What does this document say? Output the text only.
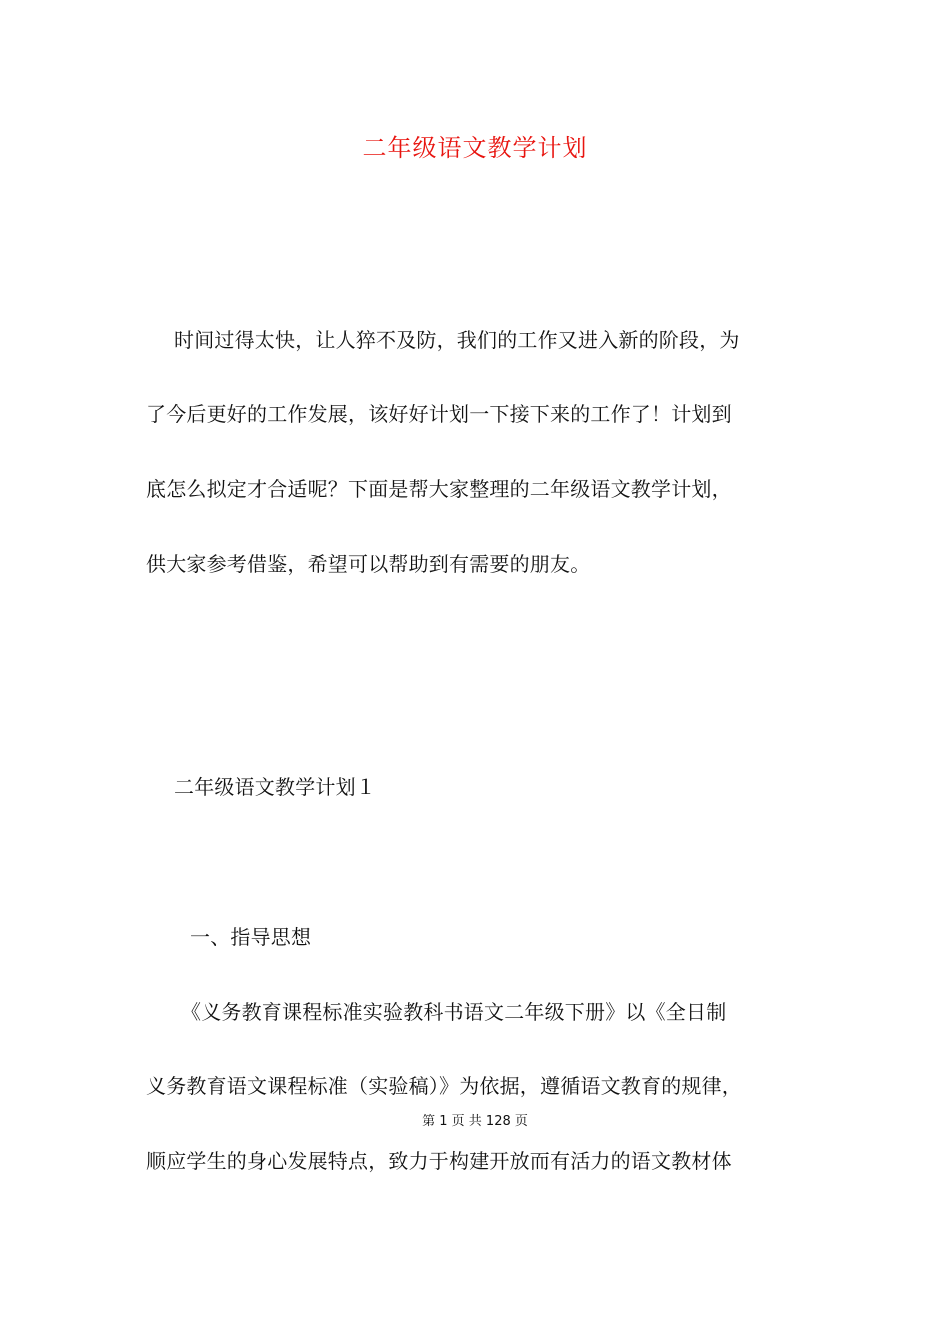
二年级语文教学计划
时间过得太快，让人猝不及防，我们的工作又进入新的阶段，为
了今后更好的工作发展，该好好计划一下接下来的工作了！计划到
底怎么拟定才合适呢？下面是帮大家整理的二年级语文教学计划，
供大家参考借鉴，希望可以帮助到有需要的朋友。
二年级语文教学计划１
一、指导思想
《义务教育课程标准实验教科书语文二年级下册》以《全日制
义务教育语文课程标准（实验稿）》为依据，遵循语文教育的规律，
第 1 页 共 128 页
顺应学生的身心发展特点，致力于构建开放而有活力的语文教材体
